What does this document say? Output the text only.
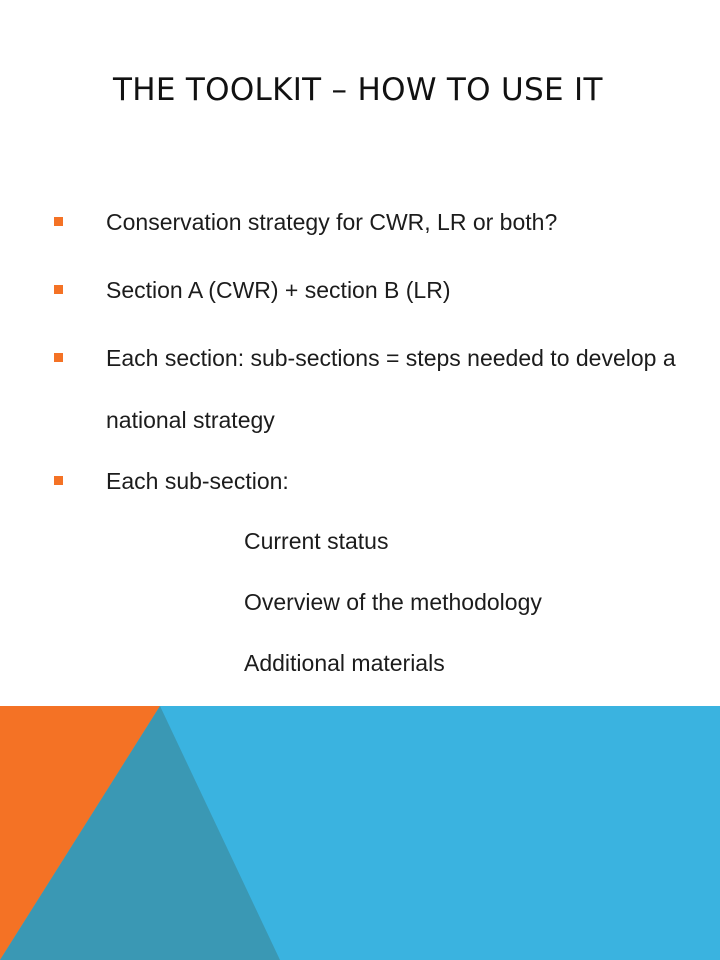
THE TOOLKIT – HOW TO USE IT

Conservation strategy for CWR, LR or both?

Section A (CWR) + section B (LR)

Each section: sub-sections = steps needed to develop a national strategy

Each sub-section:

Current status
Overview of the methodology
Additional materials
